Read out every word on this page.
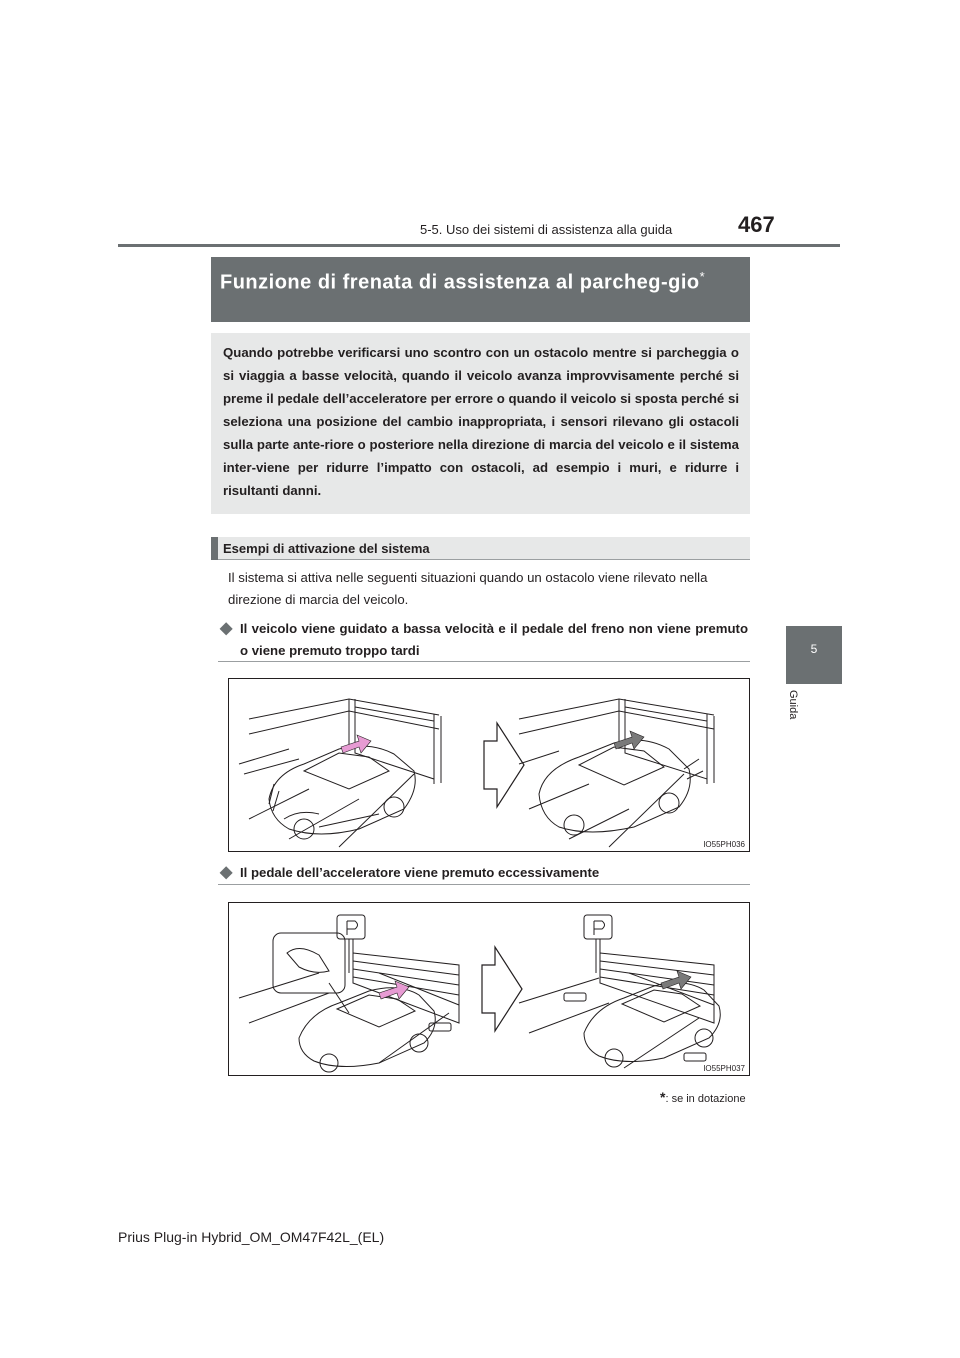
5-5. Uso dei sistemi di assistenza alla guida	467
5
Guida
Funzione di frenata di assistenza al parcheg-gio*
Quando potrebbe verificarsi uno scontro con un ostacolo mentre si parcheggia o si viaggia a basse velocità, quando il veicolo avanza improvvisamente perché si preme il pedale dell’acceleratore per errore o quando il veicolo si sposta perché si seleziona una posizione del cambio inappropriata, i sensori rilevano gli ostacoli sulla parte ante-riore o posteriore nella direzione di marcia del veicolo e il sistema inter-viene per ridurre l’impatto con ostacoli, ad esempio i muri, e ridurre i risultanti danni.
Esempi di attivazione del sistema
Il sistema si attiva nelle seguenti situazioni quando un ostacolo viene rilevato nella direzione di marcia del veicolo.
◆ Il veicolo viene guidato a bassa velocità e il pedale del freno non viene premuto o viene premuto troppo tardi
IO55PH036
◆ Il pedale dell’acceleratore viene premuto eccessivamente
IO55PH037
*: se in dotazione
Prius Plug-in Hybrid_OM_OM47F42L_(EL)
